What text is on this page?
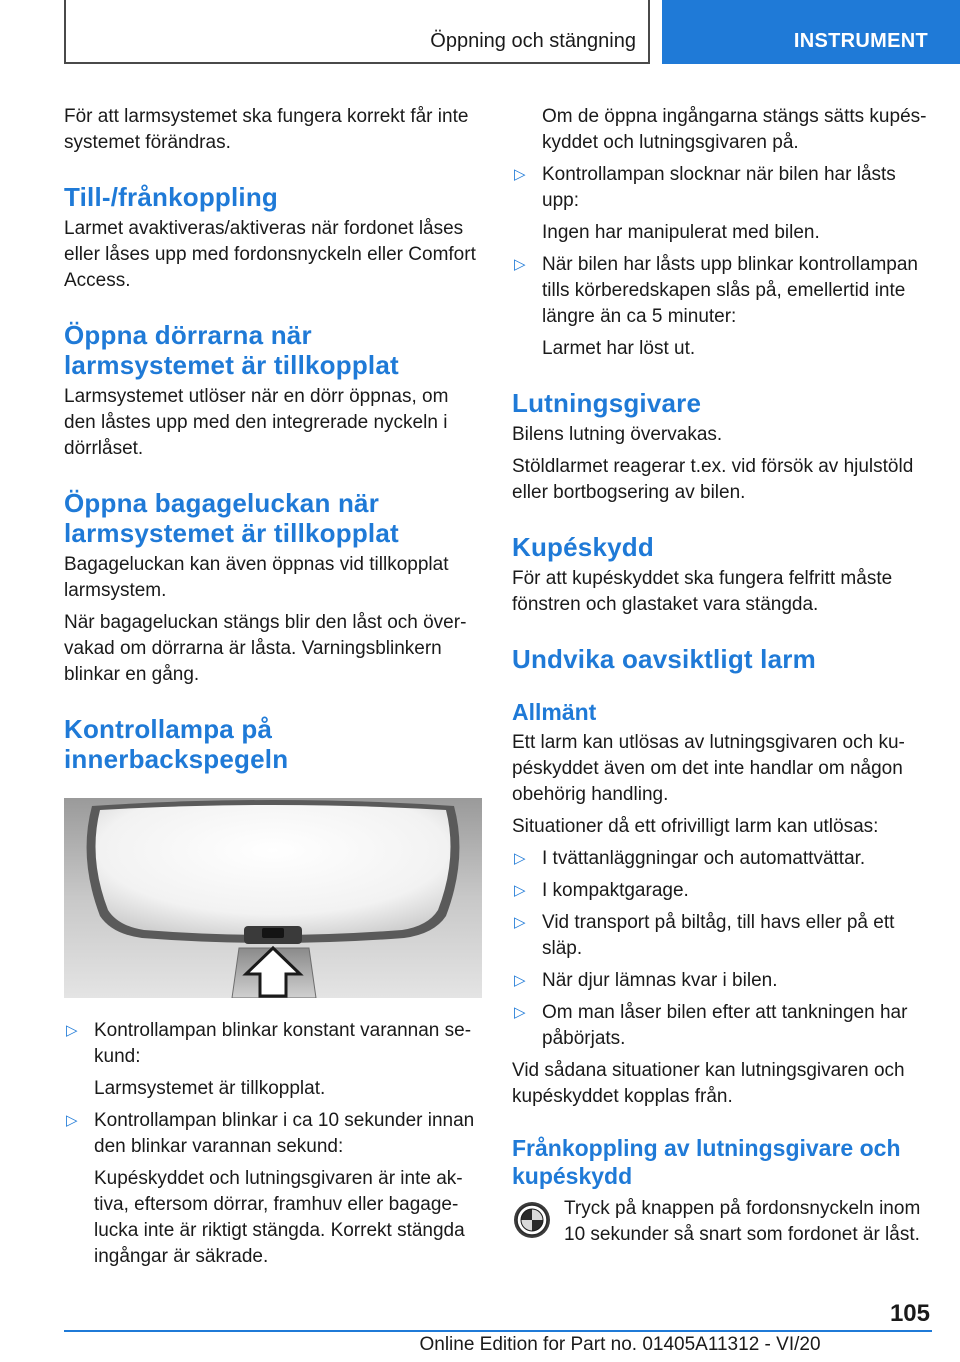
Öppning och stängning	INSTRUMENT

För att larmsystemet ska fungera korrekt får inte systemet förändras.

Till-/frånkoppling

Larmet avaktiveras/aktiveras när fordonet låses eller låses upp med fordonsnyckeln eller Comfort Access.

Öppna dörrarna när larmsystemet är tillkopplat

Larmsystemet utlöser när en dörr öppnas, om den låstes upp med den integrerade nyckeln i dörrlåset.

Öppna bagageluckan när larmsystemet är tillkopplat

Bagageluckan kan även öppnas vid tillkopplat larmsystem.

När bagageluckan stängs blir den låst och övervakad om dörrarna är låsta. Varningsblinkern blinkar en gång.

Kontrollampa på innerbackspegeln
▷ Kontrollampan blinkar konstant varannan sekund:
Larmsystemet är tillkopplat.
▷ Kontrollampan blinkar i ca 10 sekunder innan den blinkar varannan sekund:
Kupéskyddet och lutningsgivaren är inte aktiva, eftersom dörrar, framhuv eller bagagelucka inte är riktigt stängda. Korrekt stängda ingångar är säkrade.

Om de öppna ingångarna stängs sätts kupéskyddet och lutningsgivaren på.

▷ Kontrollampan slocknar när bilen har låsts upp:
Ingen har manipulerat med bilen.
▷ När bilen har låsts upp blinkar kontrollampan tills körberedskapen slås på, emellertid inte längre än ca 5 minuter:
Larmet har löst ut.
Lutningsgivare

Bilens lutning övervakas.

Stöldlarmet reagerar t.ex. vid försök av hjulstöld eller bortbogsering av bilen.

Kupéskydd

För att kupéskyddet ska fungera felfritt måste fönstren och glastaket vara stängda.

Undvika oavsiktligt larm
Allmänt

Ett larm kan utlösas av lutningsgivaren och kupéskyddet även om det inte handlar om någon obehörig handling.

Situationer då ett ofrivilligt larm kan utlösas:

▷ I tvättanläggningar och automattvättar.
▷ I kompaktgarage.
▷ Vid transport på biltåg, till havs eller på ett släp.
▷ När djur lämnas kvar i bilen.
▷ Om man låser bilen efter att tankningen har påbörjats.

Vid sådana situationer kan lutningsgivaren och kupéskyddet kopplas från.

Frånkoppling av lutningsgivare och kupéskydd
Tryck på knappen på fordonsnyckeln inom 10 sekunder så snart som fordonet är låst.
105
Online Edition for Part no. 01405A11312 - VI/20
